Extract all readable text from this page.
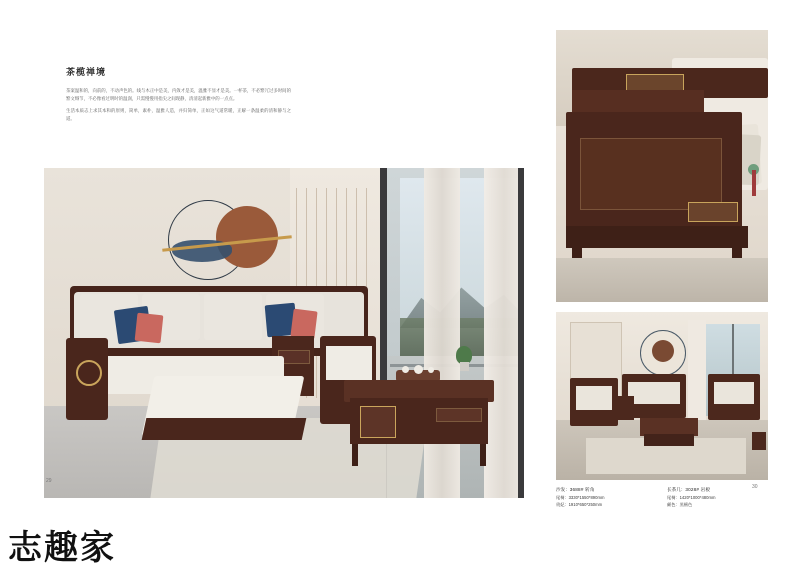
茶榄禅境

茶案温和的，向前的，不动声色的。线与木正中是美，内敛才是美，温雅不显才是美。一杯茶，不必繁冗过多时间的繁文缛节，不必像看过明时的温润，只需慢慢用指尖之间现静，清清起新雅中的一点点。

生活本质志上求其本和的原则，简单，素朴，温雅人造，并归简单，正如这气道常暖，正解一条温柔的清和静与之道。

29
沙发：3688# 转角
尾椅：3330*1550*890mm
贵妃：1910*650*250mm
长茶几：3028# 岩板
尾椅：1420*1000*480mm
颜色：黑檀色
30
志趣家
